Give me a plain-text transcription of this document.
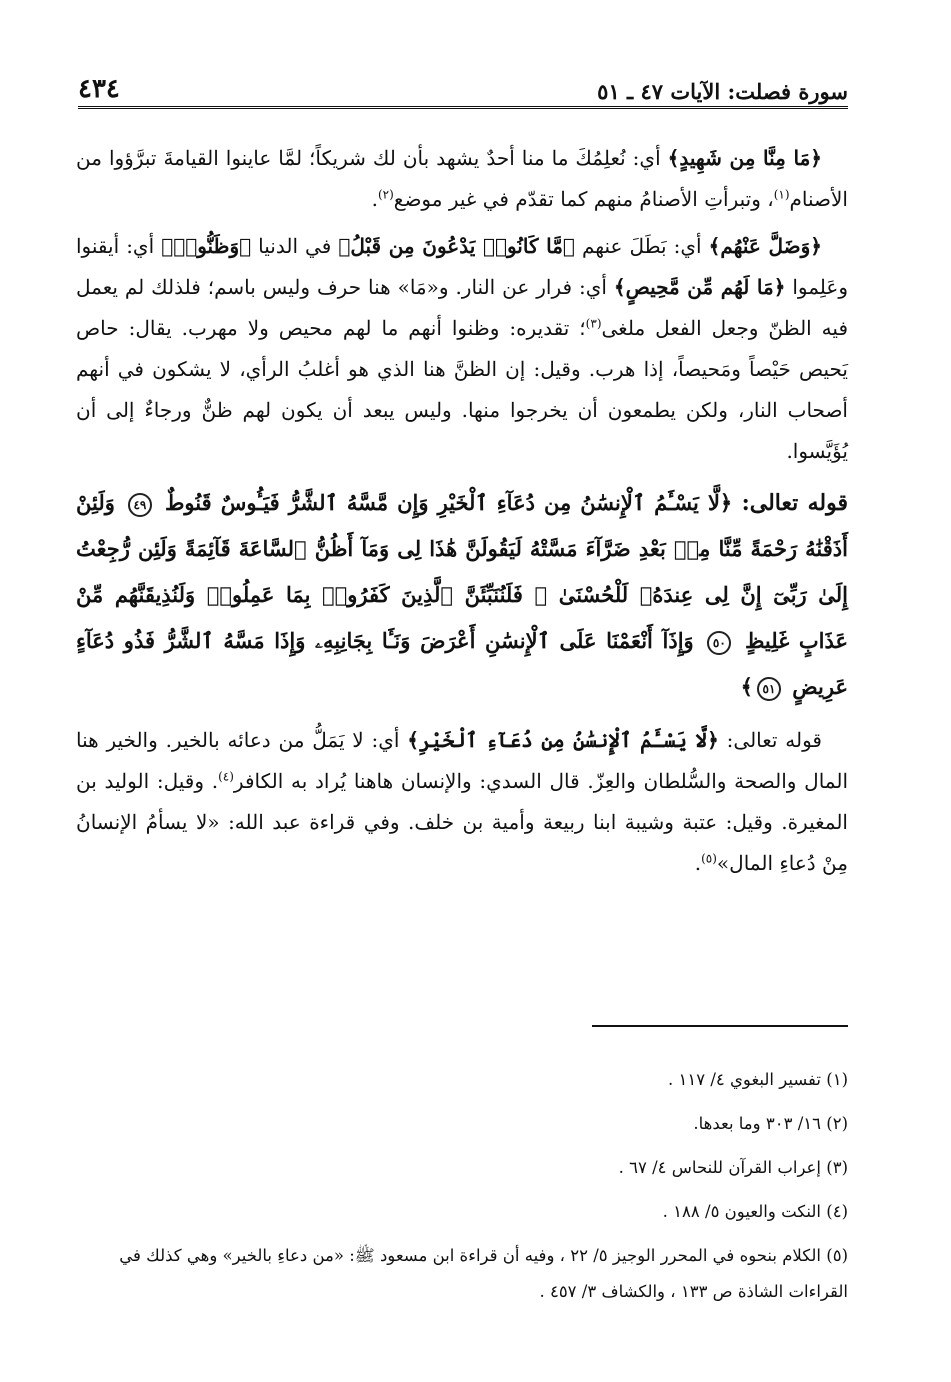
سورة فصلت: الآيات ٤٧ ـ ٥١
٤٣٤

﴿مَا مِنَّا مِن شَهِيدٍ﴾ أي: نُعلِمُكَ ما منا أحدٌ يشهد بأن لك شريكاً؛ لمَّا عاينوا القيامةَ تبرَّؤوا من الأصنام$^{(١)}$، وتبرأتِ الأصنامُ منهم كما تقدّم في غير موضع$^{(٢)}$.

﴿وَضَلَّ عَنْهُم﴾ أي: بَطَلَ عنهم ﴿مَّا كَانُوا۟ يَدْعُونَ مِن قَبْلُ﴾ في الدنيا ﴿وَظَنُّوا۟﴾ أي: أيقنوا وعَلِموا ﴿مَا لَهُم مِّن مَّحِيصٍ﴾ أي: فرار عن النار. و«مَا» هنا حرف وليس باسم؛ فلذلك لم يعمل فيه الظنّ وجعل الفعل ملغى$^{(٣)}$؛ تقديره: وظنوا أنهم ما لهم محيص ولا مهرب. يقال: حاص يَحيص حَيْصاً ومَحيصاً، إذا هرب. وقيل: إن الظنَّ هنا الذي هو أغلبُ الرأي، لا يشكون في أنهم أصحاب النار، ولكن يطمعون أن يخرجوا منها. وليس يبعد أن يكون لهم ظنٌّ ورجاءٌ إلى أن يُؤَيَّسوا.

قوله تعالى: ﴿لَّا يَسْـَٔمُ ٱلْإِنسَٰنُ مِن دُعَآءِ ٱلْخَيْرِ وَإِن مَّسَّهُ ٱلشَّرُّ فَيَـُٔوسٌ قَنُوطٌ ٤٩ وَلَئِنْ أَذَقْنَٰهُ رَحْمَةً مِّنَّا مِنۢ بَعْدِ ضَرَّآءَ مَسَّتْهُ لَيَقُولَنَّ هَٰذَا لِى وَمَآ أَظُنُّ ٱلسَّاعَةَ قَآئِمَةً وَلَئِن رُّجِعْتُ إِلَىٰ رَبِّىٓ إِنَّ لِى عِندَهُۥ لَلْحُسْنَىٰ ۚ فَلَنُنَبِّئَنَّ ٱلَّذِينَ كَفَرُوا۟ بِمَا عَمِلُوا۟ وَلَنُذِيقَنَّهُم مِّنْ عَذَابٍ غَلِيظٍ ٥٠ وَإِذَآ أَنْعَمْنَا عَلَى ٱلْإِنسَٰنِ أَعْرَضَ وَنَـَٔا بِجَانِبِهِۦ وَإِذَا مَسَّهُ ٱلشَّرُّ فَذُو دُعَآءٍ عَرِيضٍ ٥١﴾

قوله تعالى: ﴿لَّا يَسْـَٔمُ ٱلْإِنسَٰنُ مِن دُعَآءِ ٱلْخَيْرِ﴾ أي: لا يَمَلُّ من دعائه بالخير. والخير هنا المال والصحة والسُّلطان والعِزّ. قال السدي: والإنسان هاهنا يُراد به الكافر$^{(٤)}$. وقيل: الوليد بن المغيرة. وقيل: عتبة وشيبة ابنا ربيعة وأمية بن خلف. وفي قراءة عبد الله: «لا يسأمُ الإنسانُ مِنْ دُعاءِ المال»$^{(٥)}$.

(١) تفسير البغوي ٤/ ١١٧ .

(٢) ١٦/ ٣٠٣ وما بعدها.

(٣) إعراب القرآن للنحاس ٤/ ٦٧ .

(٤) النكت والعيون ٥/ ١٨٨ .

(٥) الكلام بنحوه في المحرر الوجيز ٥/ ٢٢ ، وفيه أن قراءة ابن مسعود ﷺ: «من دعاءِ بالخير» وهي كذلك في القراءات الشاذة ص ١٣٣ ، والكشاف ٣/ ٤٥٧ .
